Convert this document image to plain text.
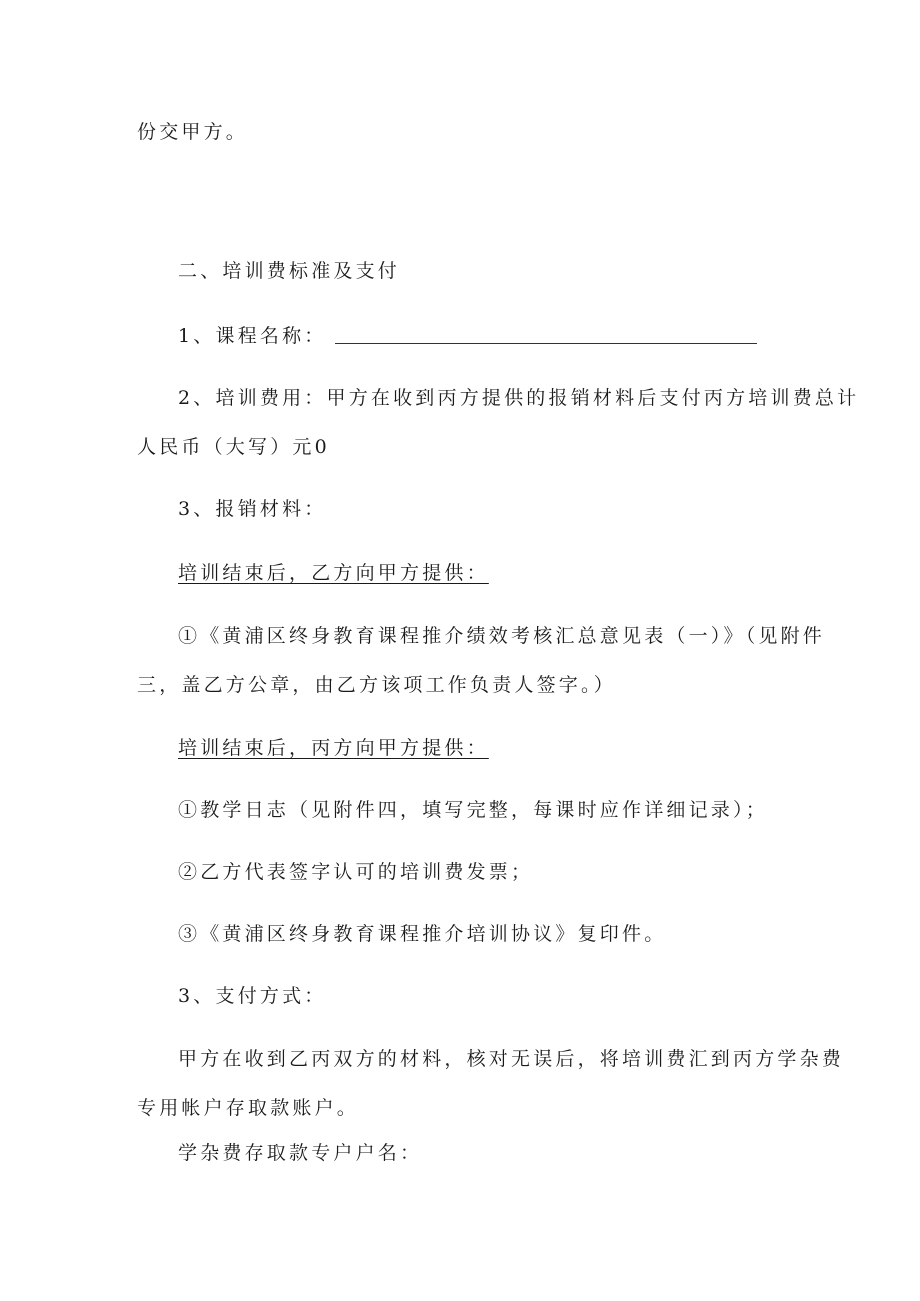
份交甲方。
二、培训费标准及支付
1、课程名称：
2、培训费用：甲方在收到丙方提供的报销材料后支付丙方培训费总计
人民币（大写）元0
3、报销材料：
培训结束后，乙方向甲方提供：
①《黄浦区终身教育课程推介绩效考核汇总意见表（一）》（见附件
三，盖乙方公章，由乙方该项工作负责人签字。）
培训结束后，丙方向甲方提供：
①教学日志（见附件四，填写完整，每课时应作详细记录）；
②乙方代表签字认可的培训费发票；
③《黄浦区终身教育课程推介培训协议》复印件。
3、支付方式：
甲方在收到乙丙双方的材料，核对无误后，将培训费汇到丙方学杂费
专用帐户存取款账户。
学杂费存取款专户户名：
